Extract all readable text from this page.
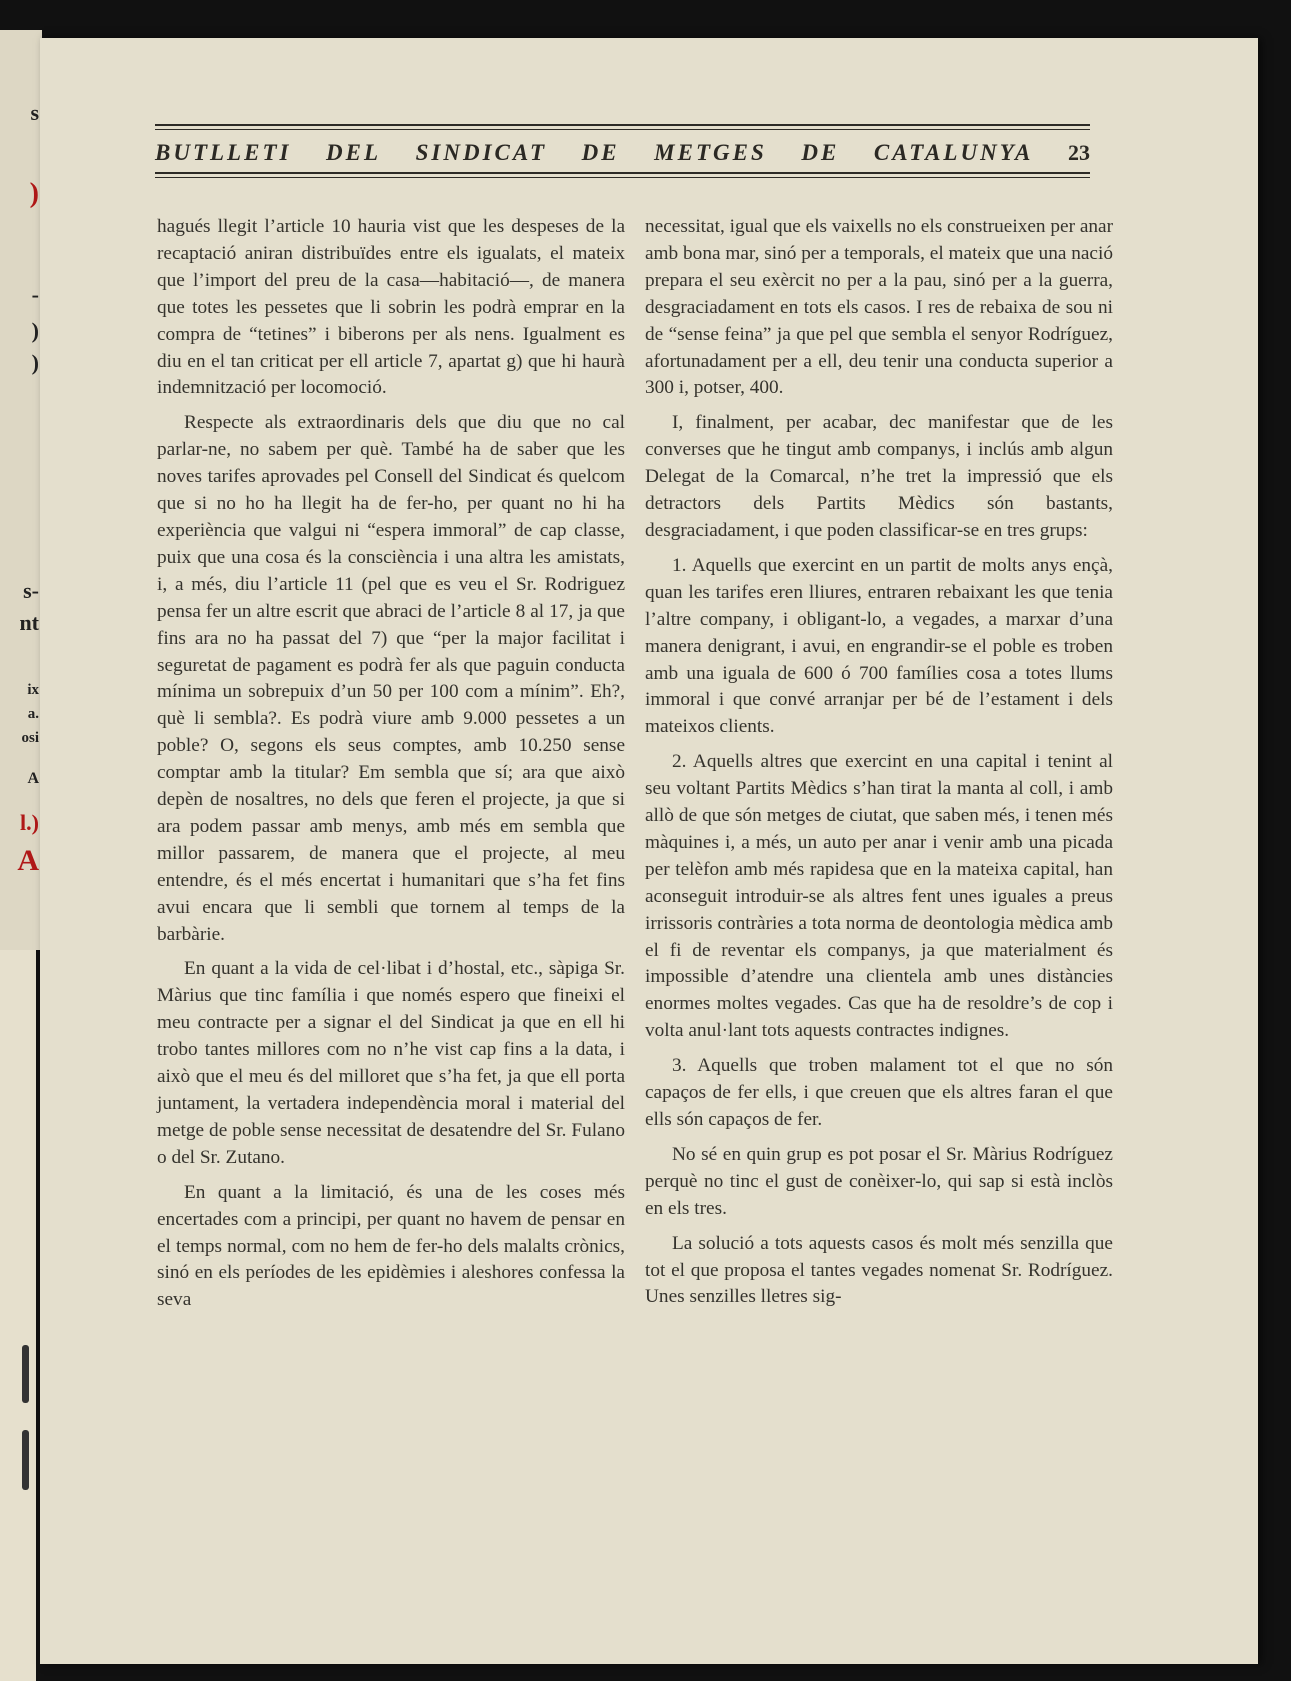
s
)
-
)
)
s-
nt
ix
a.
osi
A
l.)
A
BUTLLETI DEL SINDICAT DE METGES DE CATALUNYA 23

hagués llegit l’article 10 hauria vist que les despeses de la recaptació aniran distribuïdes entre els igualats, el mateix que l’import del preu de la casa—habitació—, de manera que totes les pessetes que li sobrin les podrà emprar en la compra de “tetines” i biberons per als nens. Igualment es diu en el tan criticat per ell article 7, apartat g) que hi haurà indemnització per locomoció.

Respecte als extraordinaris dels que diu que no cal parlar-ne, no sabem per què. També ha de saber que les noves tarifes aprovades pel Consell del Sindicat és quelcom que si no ho ha llegit ha de fer-ho, per quant no hi ha experiència que valgui ni “espera immoral” de cap classe, puix que una cosa és la consciència i una altra les amistats, i, a més, diu l’article 11 (pel que es veu el Sr. Rodriguez pensa fer un altre escrit que abraci de l’article 8 al 17, ja que fins ara no ha passat del 7) que “per la major facilitat i seguretat de pagament es podrà fer als que paguin conducta mínima un sobrepuix d’un 50 per 100 com a mínim”. Eh?, què li sembla?. Es podrà viure amb 9.000 pessetes a un poble? O, segons els seus comptes, amb 10.250 sense comptar amb la titular? Em sembla que sí; ara que això depèn de nosaltres, no dels que feren el projecte, ja que si ara podem passar amb menys, amb més em sembla que millor passarem, de manera que el projecte, al meu entendre, és el més encertat i humanitari que s’ha fet fins avui encara que li sembli que tornem al temps de la barbàrie.

En quant a la vida de cel·libat i d’hostal, etc., sàpiga Sr. Màrius que tinc família i que només espero que fineixi el meu contracte per a signar el del Sindicat ja que en ell hi trobo tantes millores com no n’he vist cap fins a la data, i això que el meu és del milloret que s’ha fet, ja que ell porta juntament, la vertadera independència moral i material del metge de poble sense necessitat de desatendre del Sr. Fulano o del Sr. Zutano.

En quant a la limitació, és una de les coses més encertades com a principi, per quant no havem de pensar en el temps normal, com no hem de fer-ho dels malalts crònics, sinó en els períodes de les epidèmies i aleshores confessa la seva

necessitat, igual que els vaixells no els construeixen per anar amb bona mar, sinó per a temporals, el mateix que una nació prepara el seu exèrcit no per a la pau, sinó per a la guerra, desgraciadament en tots els casos. I res de rebaixa de sou ni de “sense feina” ja que pel que sembla el senyor Rodríguez, afortunadament per a ell, deu tenir una conducta superior a 300 i, potser, 400.

I, finalment, per acabar, dec manifestar que de les converses que he tingut amb companys, i inclús amb algun Delegat de la Comarcal, n’he tret la impressió que els detractors dels Partits Mèdics són bastants, desgraciadament, i que poden classificar-se en tres grups:

1. Aquells que exercint en un partit de molts anys ençà, quan les tarifes eren lliures, entraren rebaixant les que tenia l’altre company, i obligant-lo, a vegades, a marxar d’una manera denigrant, i avui, en engrandir-se el poble es troben amb una iguala de 600 ó 700 famílies cosa a totes llums immoral i que convé arranjar per bé de l’estament i dels mateixos clients.

2. Aquells altres que exercint en una capital i tenint al seu voltant Partits Mèdics s’han tirat la manta al coll, i amb allò de que són metges de ciutat, que saben més, i tenen més màquines i, a més, un auto per anar i venir amb una picada per telèfon amb més rapidesa que en la mateixa capital, han aconseguit introduir-se als altres fent unes iguales a preus irrissoris contràries a tota norma de deontologia mèdica amb el fi de reventar els companys, ja que materialment és impossible d’atendre una clientela amb unes distàncies enormes moltes vegades. Cas que ha de resoldre’s de cop i volta anul·lant tots aquests contractes indignes.

3. Aquells que troben malament tot el que no són capaços de fer ells, i que creuen que els altres faran el que ells són capaços de fer.

No sé en quin grup es pot posar el Sr. Màrius Rodríguez perquè no tinc el gust de conèixer-lo, qui sap si està inclòs en els tres.

La solució a tots aquests casos és molt més senzilla que tot el que proposa el tantes vegades nomenat Sr. Rodríguez. Unes senzilles lletres sig-
